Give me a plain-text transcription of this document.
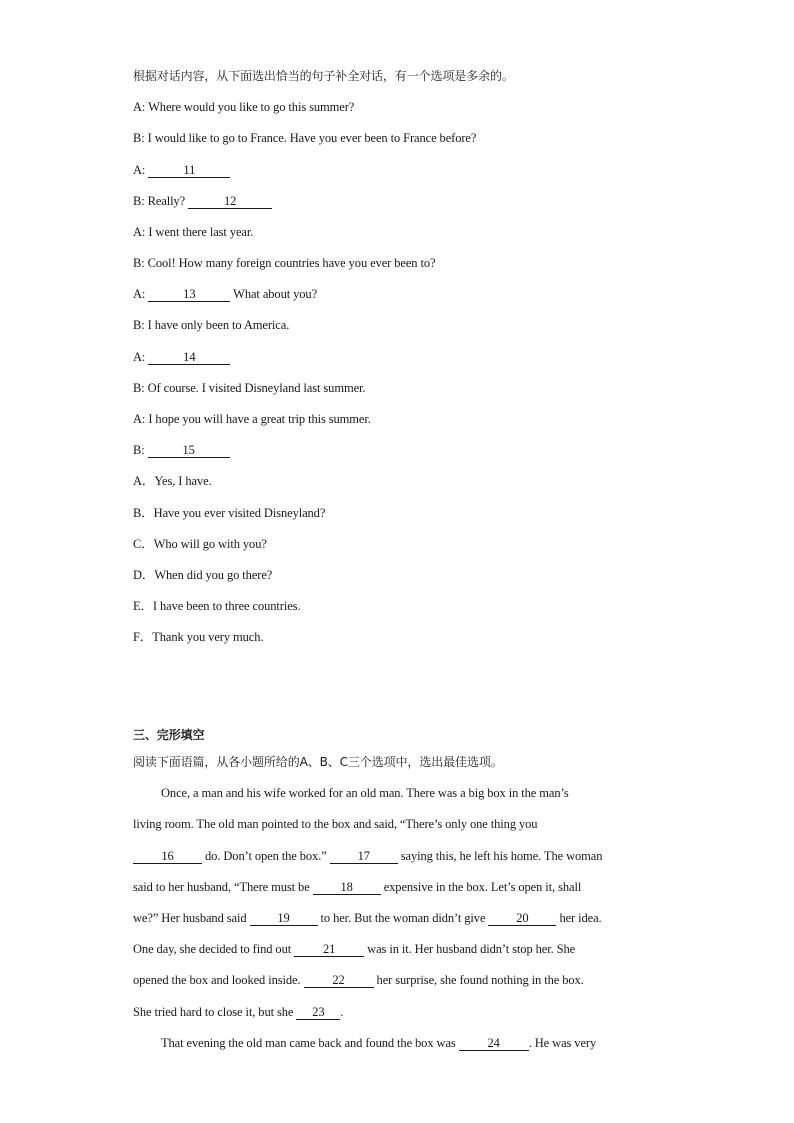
根据对话内容，从下面选出恰当的句子补全对话，有一个选项是多余的。
A: Where would you like to go this summer?
B: I would like to go to France. Have you ever been to France before?
A:	11
B: Really?	12
A: I went there last year.
B: Cool! How many foreign countries have you ever been to?
A:	13	What about you?
B: I have only been to America.
A:	14
B: Of course. I visited Disneyland last summer.
A: I hope you will have a great trip this summer.
B:	15
A．Yes, I have.
B．Have you ever visited Disneyland?
C．Who will go with you?
D．When did you go there?
E．I have been to three countries.
F．Thank you very much.
三、完形填空
阅读下面语篇，从各小题所给的A、B、C三个选项中，选出最佳选项。
Once, a man and his wife worked for an old man. There was a big box in the man’s
living room. The old man pointed to the box and said, “There’s only one thing you
16 do. Don’t open the box.” 17 saying this, he left his home. The woman
said to her husband, “There must be 18 expensive in the box. Let’s open it, shall
we?” Her husband said 19 to her. But the woman didn’t give 20 her idea.
One day, she decided to find out 21 was in it. Her husband didn’t stop her. She
opened the box and looked inside. 22 her surprise, she found nothing in the box.
She tried hard to close it, but she 23 .
That evening the old man came back and found the box was 24 . He was very
